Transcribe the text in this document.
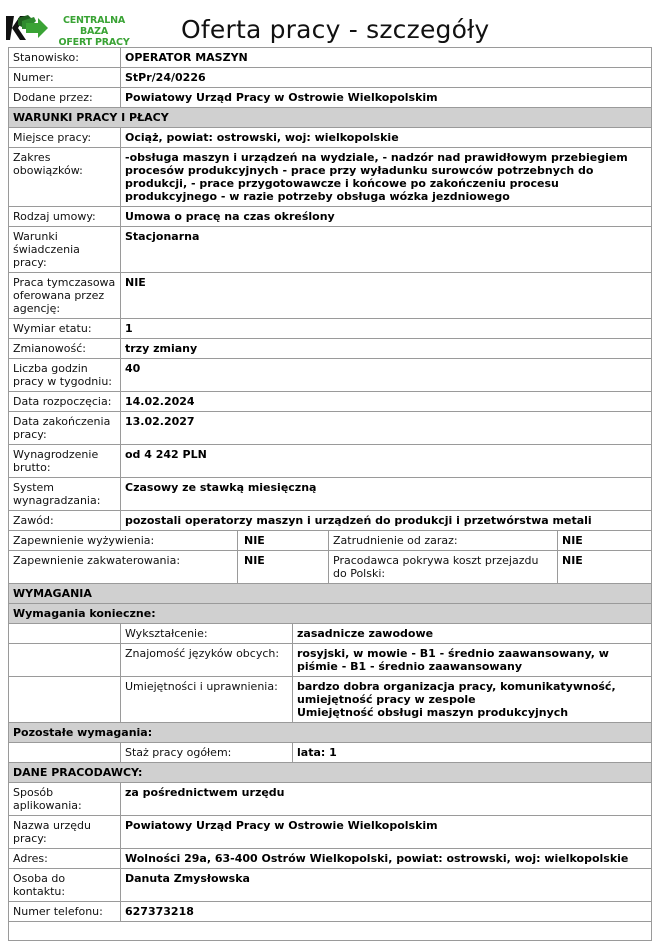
CENTRALNA BAZA
OFERT PRACY Oferta pracy - szczegóły
Stanowisko:	OPERATOR MASZYN				
Numer:	StPr/24/0226				
Dodane przez:	Powiatowy Urząd Pracy w Ostrowie Wielkopolskim				
WARUNKI PRACY I PŁACY					
Miejsce pracy:	Ociąż, powiat: ostrowski, woj: wielkopolskie				
Zakres obowiązków:	-obsługa maszyn i urządzeń na wydziale, - nadzór nad prawidłowym przebiegiem procesów produkcyjnych - prace przy wyładunku surowców potrzebnych do produkcji, - prace przygotowawcze i końcowe po zakończeniu procesu produkcyjnego - w razie potrzeby obsługa wózka jezdniowego				
Rodzaj umowy:	Umowa o pracę na czas określony				
Warunki świadczenia pracy:	Stacjonarna				
Praca tymczasowa oferowana przez agencję:	NIE				
Wymiar etatu:	1				
Zmianowość:	trzy zmiany				
Liczba godzin pracy w tygodniu:	40				
Data rozpoczęcia:	14.02.2024				
Data zakończenia pracy:	13.02.2027				
Wynagrodzenie brutto:	od 4 242 PLN				
System wynagradzania:	Czasowy ze stawką miesięczną				
Zawód:	pozostali operatorzy maszyn i urządzeń do produkcji i przetwórstwa metali				
Zapewnienie wyżywienia:		NIE		Zatrudnienie od zaraz:	NIE
Zapewnienie zakwaterowania:		NIE		Pracodawca pokrywa koszt przejazdu do Polski:	NIE
WYMAGANIA					
Wymagania konieczne:					
	Wykształcenie:		zasadnicze zawodowe		
	Znajomość języków obcych:		rosyjski, w mowie - B1 - średnio zaawansowany, w piśmie - B1 - średnio zaawansowany		
	Umiejętności i uprawnienia:		bardzo dobra organizacja pracy, komunikatywność, umiejętność pracy w zespole
Umiejętność obsługi maszyn produkcyjnych		

Pozostałe wymagania:					
	Staż pracy ogółem:		lata: 1		
DANE PRACODAWCY:					
Sposób aplikowania:	za pośrednictwem urzędu				
Nazwa urzędu pracy:	Powiatowy Urząd Pracy w Ostrowie Wielkopolskim				
Adres:	Wolności 29a, 63-400 Ostrów Wielkopolski, powiat: ostrowski, woj: wielkopolskie				
Osoba do kontaktu:	Danuta Zmysłowska				
Numer telefonu:	627373218				
